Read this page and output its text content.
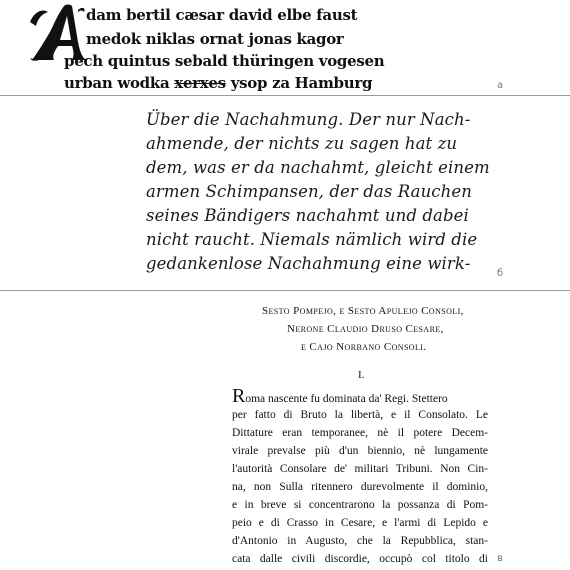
dam bertil cæsar david elbe faust
medok niklas ornat jonas kagor
pech quintus sebald thüringen vogesen
urban wodka xerxes ysop za Hamburg	a
Über die Nachahmung. Der nur Nach-
ahmende, der nichts zu sagen hat zu
dem, was er da nachahmt, gleicht einem
armen Schimpansen, der das Rauchen
seines Bändigers nachahmt und dabei
nicht raucht. Niemals nämlich wird die
gedankenlose Nachahmung eine wirk-
б
Sesto Pompejo, e Sesto Apulejo Consoli,
Nerone Claudio Druso Cesare,
e Cajo Norbano Consoli.
I.
Roma nascente fu dominata da' Regi. Stettero
per fatto di Bruto la libertà, e il Consolato. Le
Dittature eran temporanee, nè il potere Decem-
virale prevalse più d'un biennio, nè lungamente
l'autorità Consolare de' militari Tribuni. Non Cin-
na, non Sulla ritennero durevolmente il dominio,
e in breve si concentrarono la possanza di Pom-
peio e di Crasso in Cesare, e l'armi di Lepido e
d'Antonio in Augusto, che la Repubblica, stan-
cata dalle civili discordie, occupò col titolo di в
